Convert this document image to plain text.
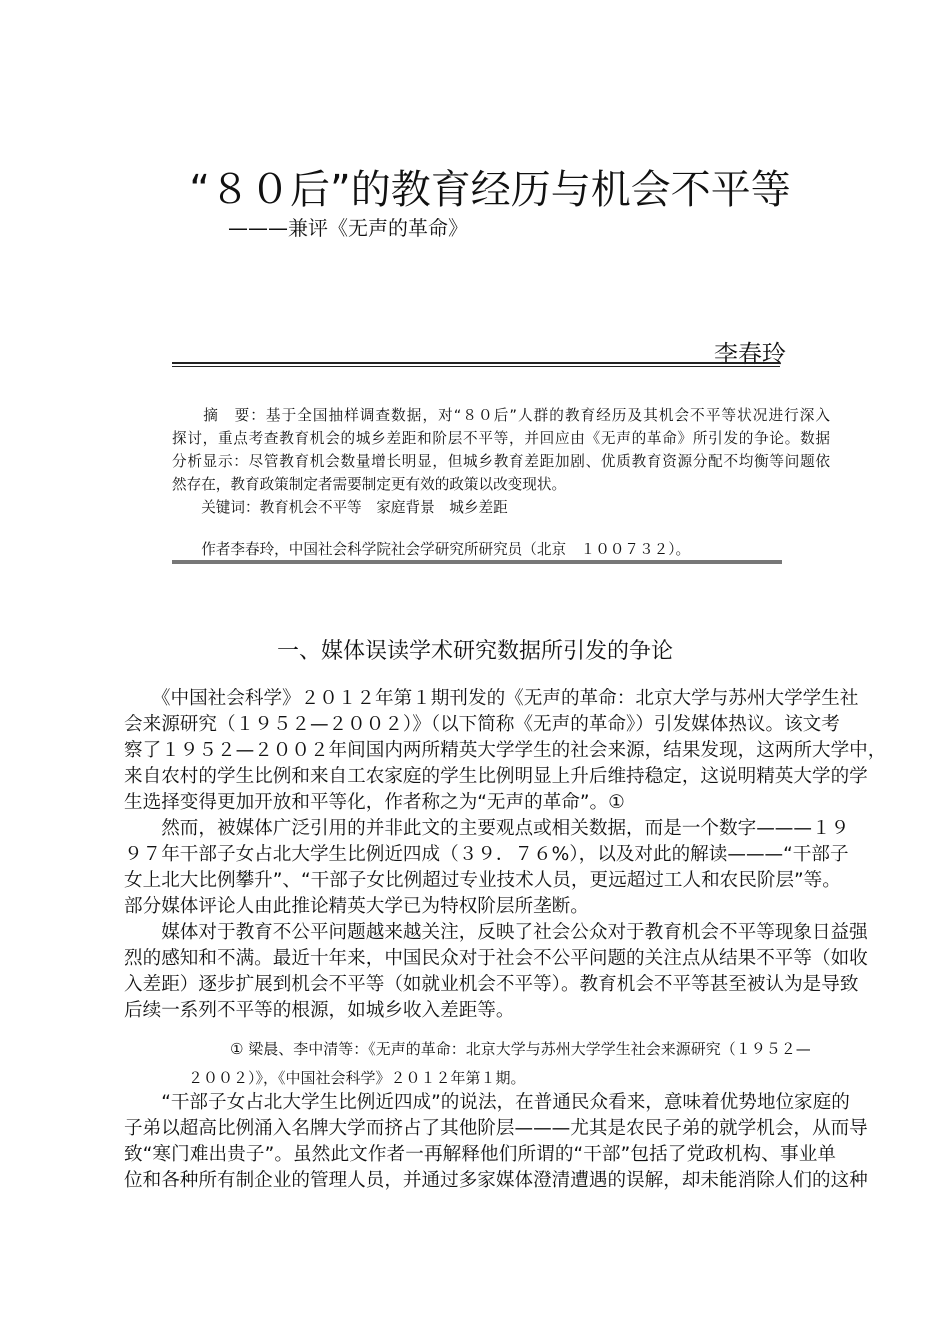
“８０后”的教育经历与机会不平等
———兼评《无声的革命》
李春玲
　　摘　要：基于全国抽样调查数据，对“８０后”人群的教育经历及其机会不平等状况进行深入
探讨，重点考查教育机会的城乡差距和阶层不平等，并回应由《无声的革命》所引发的争论。数据
分析显示：尽管教育机会数量增长明显，但城乡教育差距加剧、优质教育资源分配不均衡等问题依
然存在，教育政策制定者需要制定更有效的政策以改变现状。
　　关键词：教育机会不平等　家庭背景　城乡差距
　　作者李春玲，中国社会科学院社会学研究所研究员（北京　１００７３２）。
一、媒体误读学术研究数据所引发的争论
　　《中国社会科学》２０１２年第１期刊发的《无声的革命：北京大学与苏州大学学生社
会来源研究（１９５２—２００２）》（以下简称《无声的革命》）引发媒体热议。该文考
察了１９５２—２００２年间国内两所精英大学学生的社会来源，结果发现，这两所大学中，
来自农村的学生比例和来自工农家庭的学生比例明显上升后维持稳定，这说明精英大学的学
生选择变得更加开放和平等化，作者称之为“无声的革命”。①
　　然而，被媒体广泛引用的并非此文的主要观点或相关数据，而是一个数字———１９
９７年干部子女占北大学生比例近四成（３９．７６%），以及对此的解读———“干部子
女上北大比例攀升”、“干部子女比例超过专业技术人员，更远超过工人和农民阶层”等。
部分媒体评论人由此推论精英大学已为特权阶层所垄断。
　　媒体对于教育不公平问题越来越关注，反映了社会公众对于教育机会不平等现象日益强
烈的感知和不满。最近十年来，中国民众对于社会不公平问题的关注点从结果不平等（如收
入差距）逐步扩展到机会不平等（如就业机会不平等）。教育机会不平等甚至被认为是导致
后续一系列不平等的根源，如城乡收入差距等。
① 梁晨、李中清等：《无声的革命：北京大学与苏州大学学生社会来源研究（１９５２—
２００２）》，《中国社会科学》２０１２年第１期。
　　“干部子女占北大学生比例近四成”的说法，在普通民众看来，意味着优势地位家庭的
子弟以超高比例涌入名牌大学而挤占了其他阶层———尤其是农民子弟的就学机会，从而导
致“寒门难出贵子”。虽然此文作者一再解释他们所谓的“干部”包括了党政机构、事业单
位和各种所有制企业的管理人员，并通过多家媒体澄清遭遇的误解，却未能消除人们的这种
